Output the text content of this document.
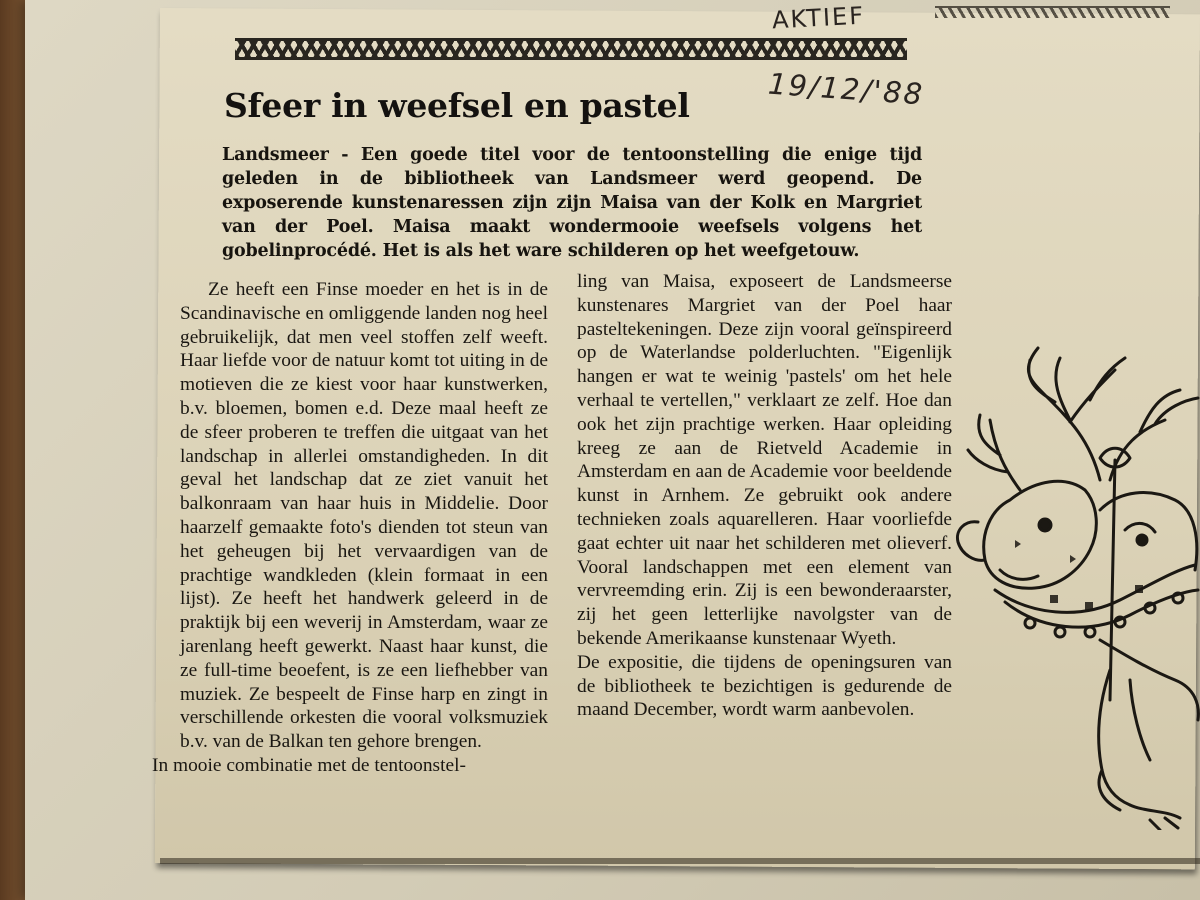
AKTIEF
19/12/'88
Sfeer in weefsel en pastel

Landsmeer - Een goede titel voor de tentoonstelling die enige tijd geleden in de bibliotheek van Landsmeer werd geopend. De exposerende kunstenaressen zijn zijn Maisa van der Kolk en Margriet van der Poel. Maisa maakt wondermooie weefsels volgens het gobelinprocédé. Het is als het ware schilderen op het weefgetouw.

Ze heeft een Finse moeder en het is in de Scandinavische en omliggende landen nog heel gebruikelijk, dat men veel stoffen zelf weeft. Haar liefde voor de natuur komt tot uiting in de motieven die ze kiest voor haar kunstwerken, b.v. bloemen, bomen e.d. Deze maal heeft ze de sfeer proberen te treffen die uitgaat van het landschap in allerlei omstandigheden. In dit geval het landschap dat ze ziet vanuit het balkonraam van haar huis in Middelie. Door haarzelf gemaakte foto's dienden tot steun van het geheugen bij het vervaardigen van de prachtige wandkleden (klein formaat in een lijst). Ze heeft het handwerk geleerd in de praktijk bij een weverij in Amsterdam, waar ze jarenlang heeft gewerkt. Naast haar kunst, die ze full-time beoefent, is ze een liefhebber van muziek. Ze bespeelt de Finse harp en zingt in verschillende orkesten die vooral volksmuziek b.v. van de Balkan ten gehore brengen.

In mooie combinatie met de tentoonstel-

ling van Maisa, exposeert de Landsmeerse kunstenares Margriet van der Poel haar pasteltekeningen. Deze zijn vooral geïnspireerd op de Waterlandse polderluchten. "Eigenlijk hangen er wat te weinig 'pastels' om het hele verhaal te vertellen," verklaart ze zelf. Hoe dan ook het zijn prachtige werken. Haar opleiding kreeg ze aan de Rietveld Academie in Amsterdam en aan de Academie voor beeldende kunst in Arnhem. Ze gebruikt ook andere technieken zoals aquarelleren. Haar voorliefde gaat echter uit naar het schilderen met olieverf. Vooral landschappen met een element van vervreemding erin. Zij is een bewonderaarster, zij het geen letterlijke navolgster van de bekende Amerikaanse kunstenaar Wyeth.

De expositie, die tijdens de openingsuren van de bibliotheek te bezichtigen is gedurende de maand December, wordt warm aanbevolen.
